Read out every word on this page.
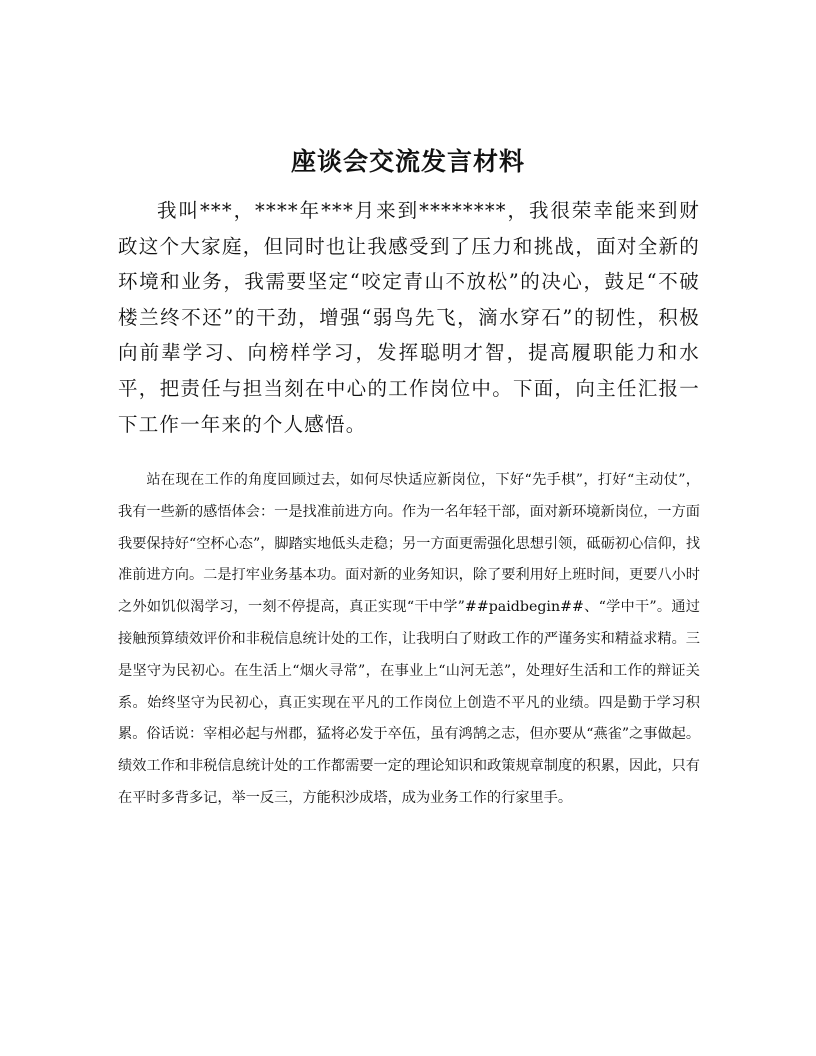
座谈会交流发言材料

我叫***，****年***月来到********，我很荣幸能来到财政这个大家庭，但同时也让我感受到了压力和挑战，面对全新的环境和业务，我需要坚定“咬定青山不放松”的决心，鼓足“不破楼兰终不还”的干劲，增强“弱鸟先飞，滴水穿石”的韧性，积极向前辈学习、向榜样学习，发挥聪明才智，提高履职能力和水平，把责任与担当刻在中心的工作岗位中。下面，向主任汇报一下工作一年来的个人感悟。

站在现在工作的角度回顾过去，如何尽快适应新岗位，下好“先手棋”，打好“主动仗”，我有一些新的感悟体会：一是找准前进方向。作为一名年轻干部，面对新环境新岗位，一方面我要保持好“空杯心态”，脚踏实地低头走稳；另一方面更需强化思想引领，砥砺初心信仰，找准前进方向。二是打牢业务基本功。面对新的业务知识，除了要利用好上班时间，更要八小时之外如饥似渴学习，一刻不停提高，真正实现“干中学”##paidbegin##、“学中干”。通过接触预算绩效评价和非税信息统计处的工作，让我明白了财政工作的严谨务实和精益求精。三是坚守为民初心。在生活上“烟火寻常”，在事业上“山河无恙”，处理好生活和工作的辩证关系。始终坚守为民初心，真正实现在平凡的工作岗位上创造不平凡的业绩。四是勤于学习积累。俗话说：宰相必起与州郡，猛将必发于卒伍，虽有鸿鹄之志，但亦要从“燕雀”之事做起。绩效工作和非税信息统计处的工作都需要一定的理论知识和政策规章制度的积累，因此，只有在平时多背多记，举一反三，方能积沙成塔，成为业务工作的行家里手。
